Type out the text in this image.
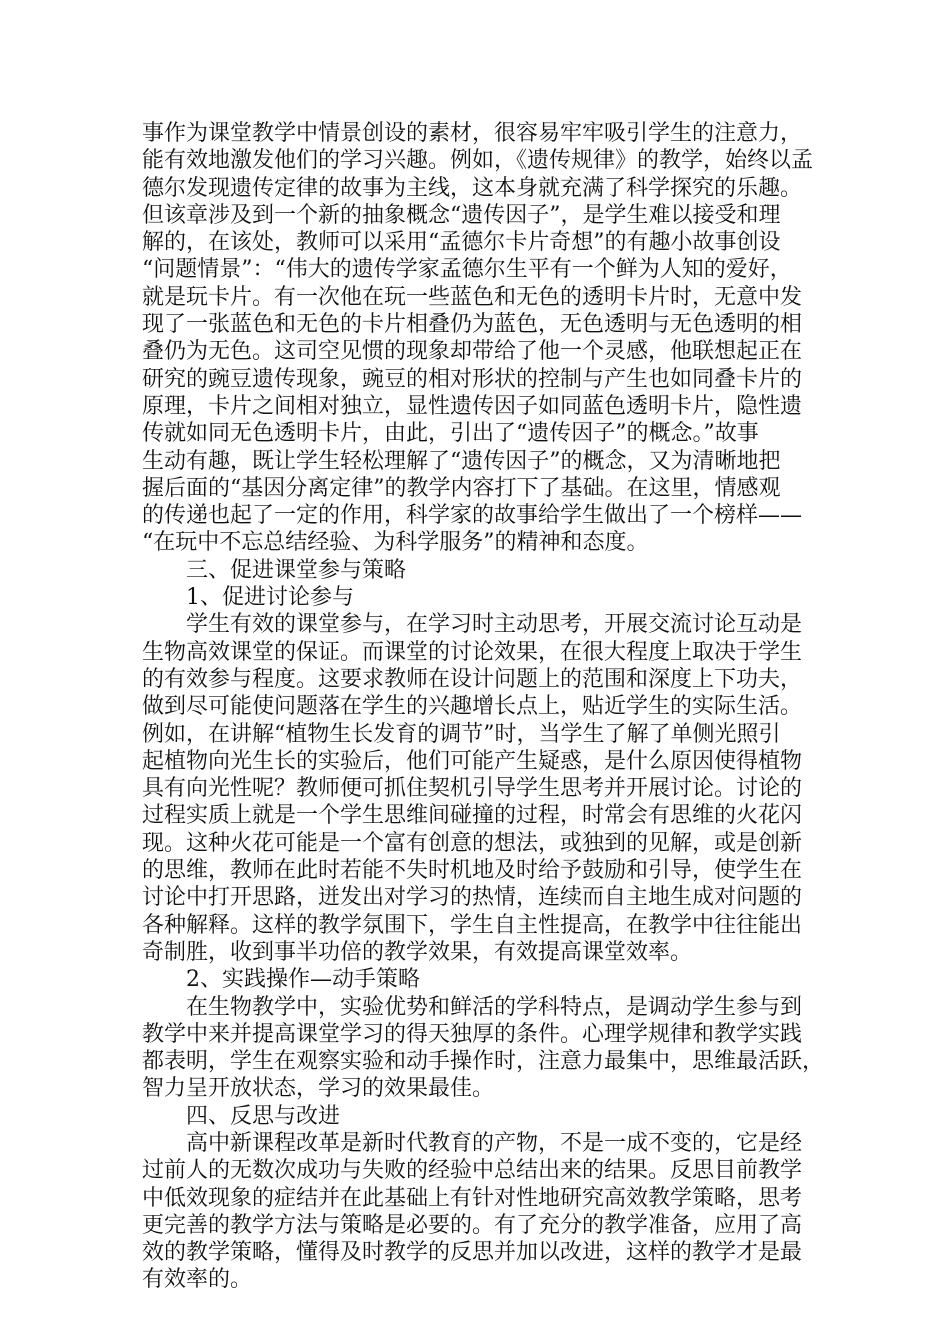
事作为课堂教学中情景创设的素材，很容易牢牢吸引学生的注意力，
能有效地激发他们的学习兴趣。例如，《遗传规律》的教学，始终以孟
德尔发现遗传定律的故事为主线，这本身就充满了科学探究的乐趣。
但该章涉及到一个新的抽象概念“遗传因子”，是学生难以接受和理
解的，在该处，教师可以采用“孟德尔卡片奇想”的有趣小故事创设
“问题情景”：“伟大的遗传学家孟德尔生平有一个鲜为人知的爱好，
就是玩卡片。有一次他在玩一些蓝色和无色的透明卡片时，无意中发
现了一张蓝色和无色的卡片相叠仍为蓝色，无色透明与无色透明的相
叠仍为无色。这司空见惯的现象却带给了他一个灵感，他联想起正在
研究的豌豆遗传现象，豌豆的相对形状的控制与产生也如同叠卡片的
原理，卡片之间相对独立，显性遗传因子如同蓝色透明卡片，隐性遗
传就如同无色透明卡片，由此，引出了“遗传因子”的概念。”故事
生动有趣，既让学生轻松理解了“遗传因子”的概念，又为清晰地把
握后面的“基因分离定律”的教学内容打下了基础。在这里，情感观
的传递也起了一定的作用，科学家的故事给学生做出了一个榜样——
“在玩中不忘总结经验、为科学服务”的精神和态度。
三、促进课堂参与策略
1、促进讨论参与
学生有效的课堂参与，在学习时主动思考，开展交流讨论互动是
生物高效课堂的保证。而课堂的讨论效果，在很大程度上取决于学生
的有效参与程度。这要求教师在设计问题上的范围和深度上下功夫，
做到尽可能使问题落在学生的兴趣增长点上，贴近学生的实际生活。
例如，在讲解“植物生长发育的调节”时，当学生了解了单侧光照引
起植物向光生长的实验后，他们可能产生疑惑，是什么原因使得植物
具有向光性呢？教师便可抓住契机引导学生思考并开展讨论。讨论的
过程实质上就是一个学生思维间碰撞的过程，时常会有思维的火花闪
现。这种火花可能是一个富有创意的想法，或独到的见解，或是创新
的思维，教师在此时若能不失时机地及时给予鼓励和引导，使学生在
讨论中打开思路，迸发出对学习的热情，连续而自主地生成对问题的
各种解释。这样的教学氛围下，学生自主性提高，在教学中往往能出
奇制胜，收到事半功倍的教学效果，有效提高课堂效率。
2、实践操作—动手策略
在生物教学中，实验优势和鲜活的学科特点，是调动学生参与到
教学中来并提高课堂学习的得天独厚的条件。心理学规律和教学实践
都表明，学生在观察实验和动手操作时，注意力最集中，思维最活跃，
智力呈开放状态，学习的效果最佳。
四、反思与改进
高中新课程改革是新时代教育的产物，不是一成不变的，它是经
过前人的无数次成功与失败的经验中总结出来的结果。反思目前教学
中低效现象的症结并在此基础上有针对性地研究高效教学策略，思考
更完善的教学方法与策略是必要的。有了充分的教学准备，应用了高
效的教学策略，懂得及时教学的反思并加以改进，这样的教学才是最
有效率的。
